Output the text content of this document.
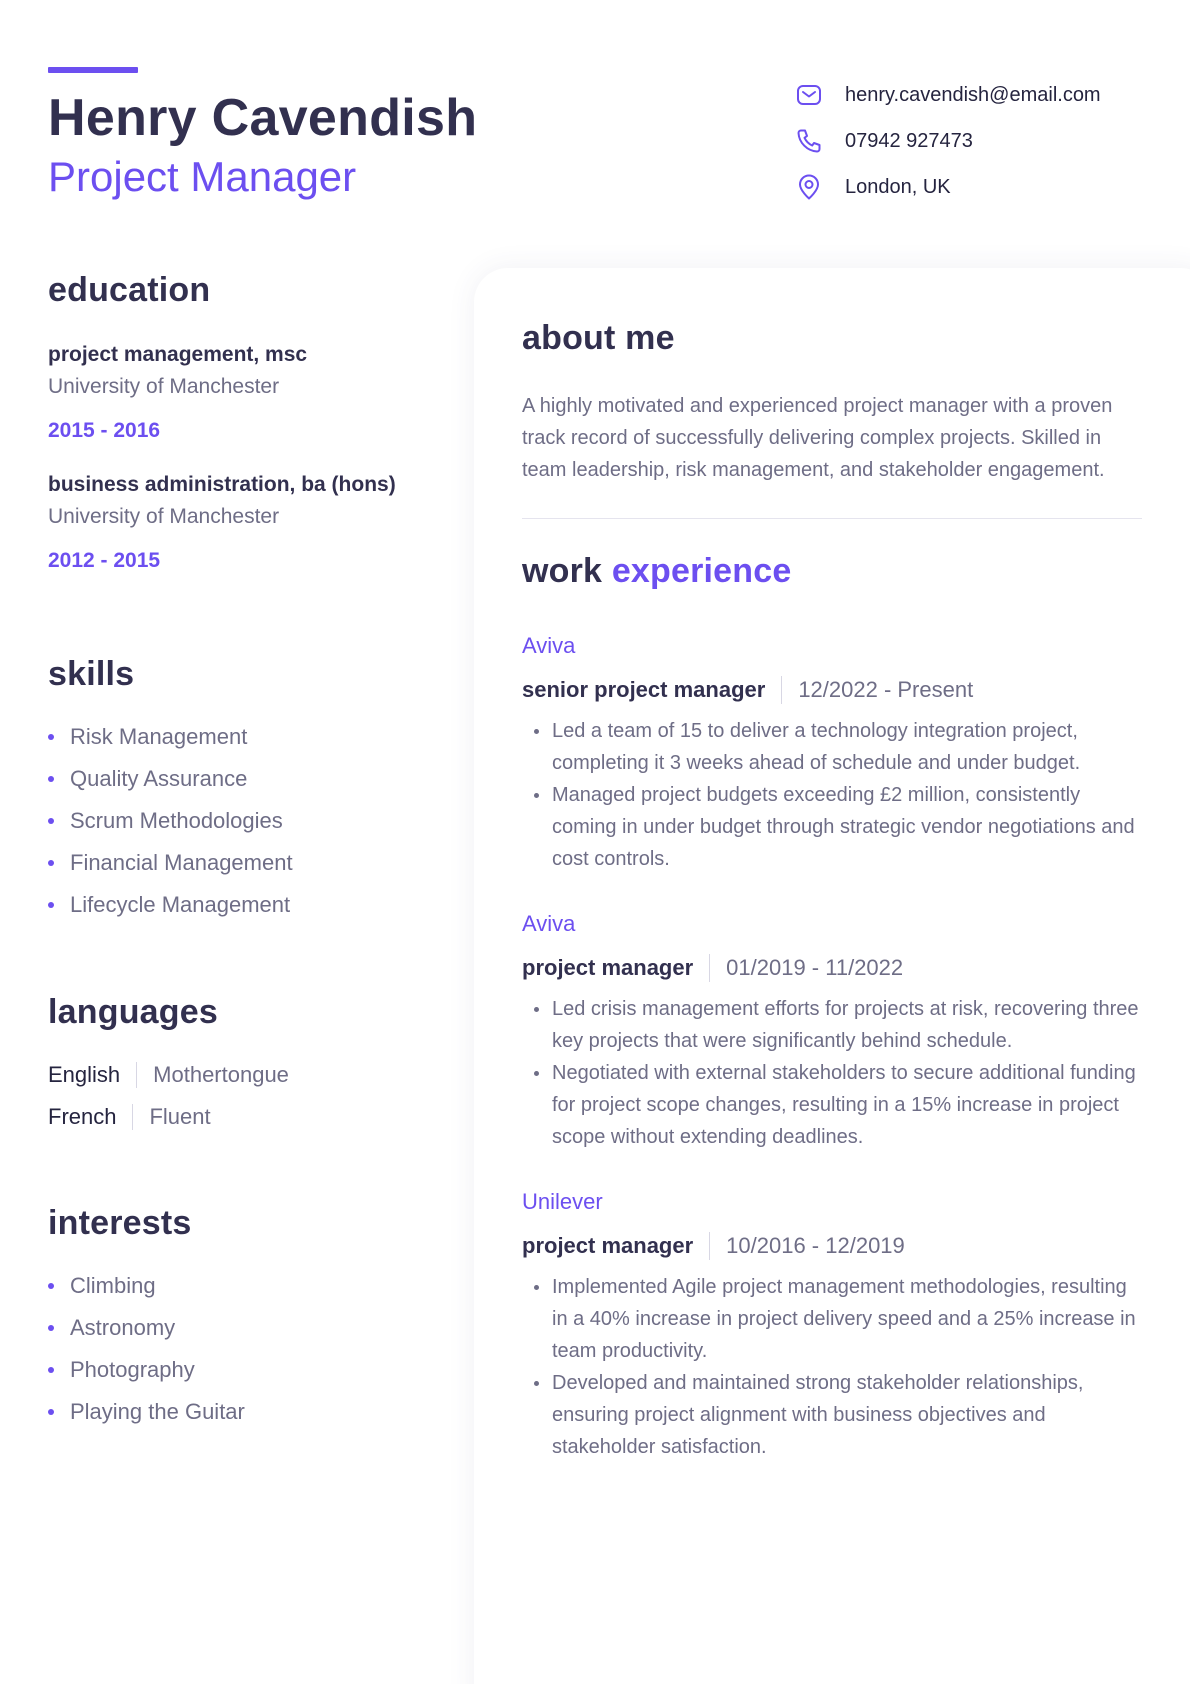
Henry Cavendish
Project Manager
henry.cavendish@email.com
07942 927473
London, UK
education
project management, msc
University of Manchester
2015 - 2016
business administration, ba (hons)
University of Manchester
2012 - 2015
skills
Risk Management
Quality Assurance
Scrum Methodologies
Financial Management
Lifecycle Management
languages
English Mothertongue
French Fluent
interests
Climbing
Astronomy
Photography
Playing the Guitar
about me

A highly motivated and experienced project manager with a proven track record of successfully delivering complex projects. Skilled in team leadership, risk management, and stakeholder engagement.

work experience
Aviva
senior project manager 12/2022 - Present
Led a team of 15 to deliver a technology integration project, completing it 3 weeks ahead of schedule and under budget.
Managed project budgets exceeding £2 million, consistently coming in under budget through strategic vendor negotiations and cost controls.
Aviva
project manager 01/2019 - 11/2022
Led crisis management efforts for projects at risk, recovering three key projects that were significantly behind schedule.
Negotiated with external stakeholders to secure additional funding for project scope changes, resulting in a 15% increase in project scope without extending deadlines.
Unilever
project manager 10/2016 - 12/2019
Implemented Agile project management methodologies, resulting in a 40% increase in project delivery speed and a 25% increase in team productivity.
Developed and maintained strong stakeholder relationships, ensuring project alignment with business objectives and stakeholder satisfaction.
